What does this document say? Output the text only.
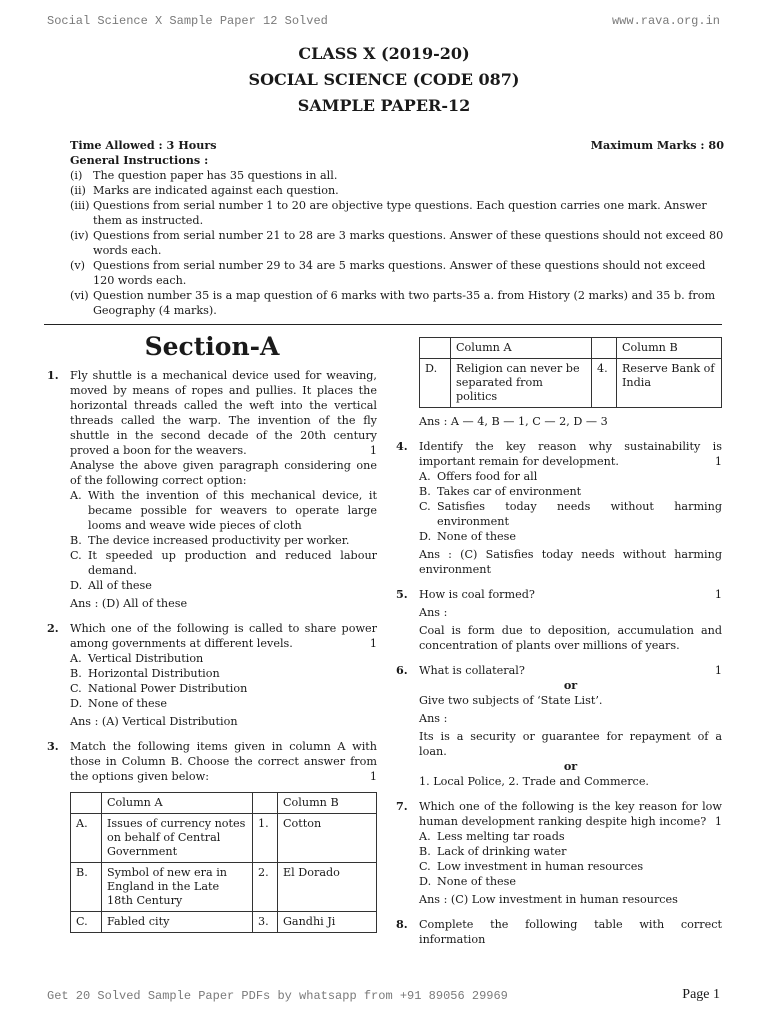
Social Science X Sample Paper 12 Solved	www.rava.org.in
CLASS X (2019-20)
SOCIAL SCIENCE (CODE 087)
SAMPLE PAPER-12
Time Allowed : 3 Hours	Maximum Marks : 80
General Instructions :
(i) The question paper has 35 questions in all.
(ii) Marks are indicated against each question.
(iii) Questions from serial number 1 to 20 are objective type questions. Each question carries one mark. Answer them as instructed.
(iv) Questions from serial number 21 to 28 are 3 marks questions. Answer of these questions should not exceed 80 words each.
(v) Questions from serial number 29 to 34 are 5 marks questions. Answer of these questions should not exceed 120 words each.
(vi) Question number 35 is a map question of 6 marks with two parts-35 a. from History (2 marks) and 35 b. from Geography (4 marks).
Section-A
1.	Fly shuttle is a mechanical device used for weaving, moved by means of ropes and pullies. It places the horizontal threads called the weft into the vertical threads called the warp. The invention of the fly shuttle in the second decade of the 20th century proved a boon for the weavers.	1
Analyse the above given paragraph considering one of the following correct option:
A. With the invention of this mechanical device, it became possible for weavers to operate large looms and weave wide pieces of cloth
B. The device increased productivity per worker.
C. It speeded up production and reduced labour demand.
D. All of these
Ans : (D) All of these
2.	Which one of the following is called to share power among governments at different levels.	1
A. Vertical Distribution
B. Horizontal Distribution
C. National Power Distribution
D. None of these
Ans : (A) Vertical Distribution
3.	Match the following items given in column A with those in Column B. Choose the correct answer from the options given below:	1
	Column A		Column B
A.	Issues of currency notes on behalf of Central Government	1.	Cotton
B.	Symbol of new era in England in the Late 18th Century	2.	El Dorado
C.	Fabled city	3.	Gandhi Ji
	Column A		Column B
D.	Religion can never be separated from politics	4.	Reserve Bank of India
Ans : A — 4, B — 1, C — 2, D — 3
4.	Identify the key reason why sustainability is important remain for development.	1
A. Offers food for all
B. Takes car of environment
C. Satisfies today needs without harming environment
D. None of these
Ans : (C) Satisfies today needs without harming environment
5.	How is coal formed?	1
Ans :
Coal is form due to deposition, accumulation and concentration of plants over millions of years.
6.	What is collateral?	1
or
Give two subjects of ‘State List’.
Ans :
Its is a security or guarantee for repayment of a loan.
or
1. Local Police, 2. Trade and Commerce.
7.	Which one of the following is the key reason for low human development ranking despite high income? 1
A. Less melting tar roads
B. Lack of drinking water
C. Low investment in human resources
D. None of these
Ans : (C) Low investment in human resources
8.	Complete the following table with correct information
Get 20 Solved Sample Paper PDFs by whatsapp from +91 89056 29969	Page 1
